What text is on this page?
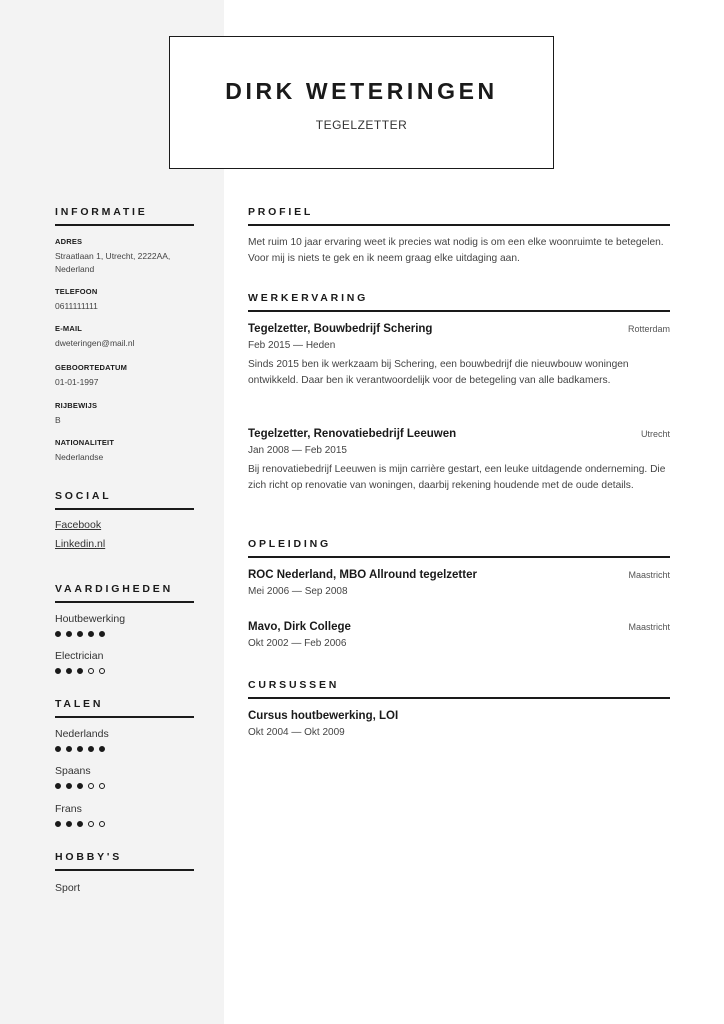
DIRK WETERINGEN
TEGELZETTER
INFORMATIE
ADRES
Straatlaan 1, Utrecht, 2222AA, Nederland
TELEFOON
0611111111
E-MAIL
dweteringen@mail.nl
GEBOORTEDATUM
01-01-1997
RIJBEWIJS
B
NATIONALITEIT
Nederlandse
SOCIAL
Facebook
Linkedin.nl
VAARDIGHEDEN
Houtbewerking
Electrician
TALEN
Nederlands
Spaans
Frans
HOBBY'S
Sport
PROFIEL
Met ruim 10 jaar ervaring weet ik precies wat nodig is om een elke woonruimte te betegelen. Voor mij is niets te gek en ik neem graag elke uitdaging aan.
WERKERVARING
Tegelzetter, Bouwbedrijf Schering	Rotterdam
Feb 2015 — Heden
Sinds 2015 ben ik werkzaam bij Schering, een bouwbedrijf die nieuwbouw woningen ontwikkeld. Daar ben ik verantwoordelijk voor de betegeling van alle badkamers.
Tegelzetter, Renovatiebedrijf Leeuwen	Utrecht
Jan 2008 — Feb 2015
Bij renovatiebedrijf Leeuwen is mijn carrière gestart, een leuke uitdagende onderneming. Die zich richt op renovatie van woningen, daarbij rekening houdende met de oude details.
OPLEIDING
ROC Nederland, MBO Allround tegelzetter	Maastricht
Mei 2006 — Sep 2008
Mavo, Dirk College	Maastricht
Okt 2002 — Feb 2006
CURSUSSEN
Cursus houtbewerking, LOI
Okt 2004 — Okt 2009
